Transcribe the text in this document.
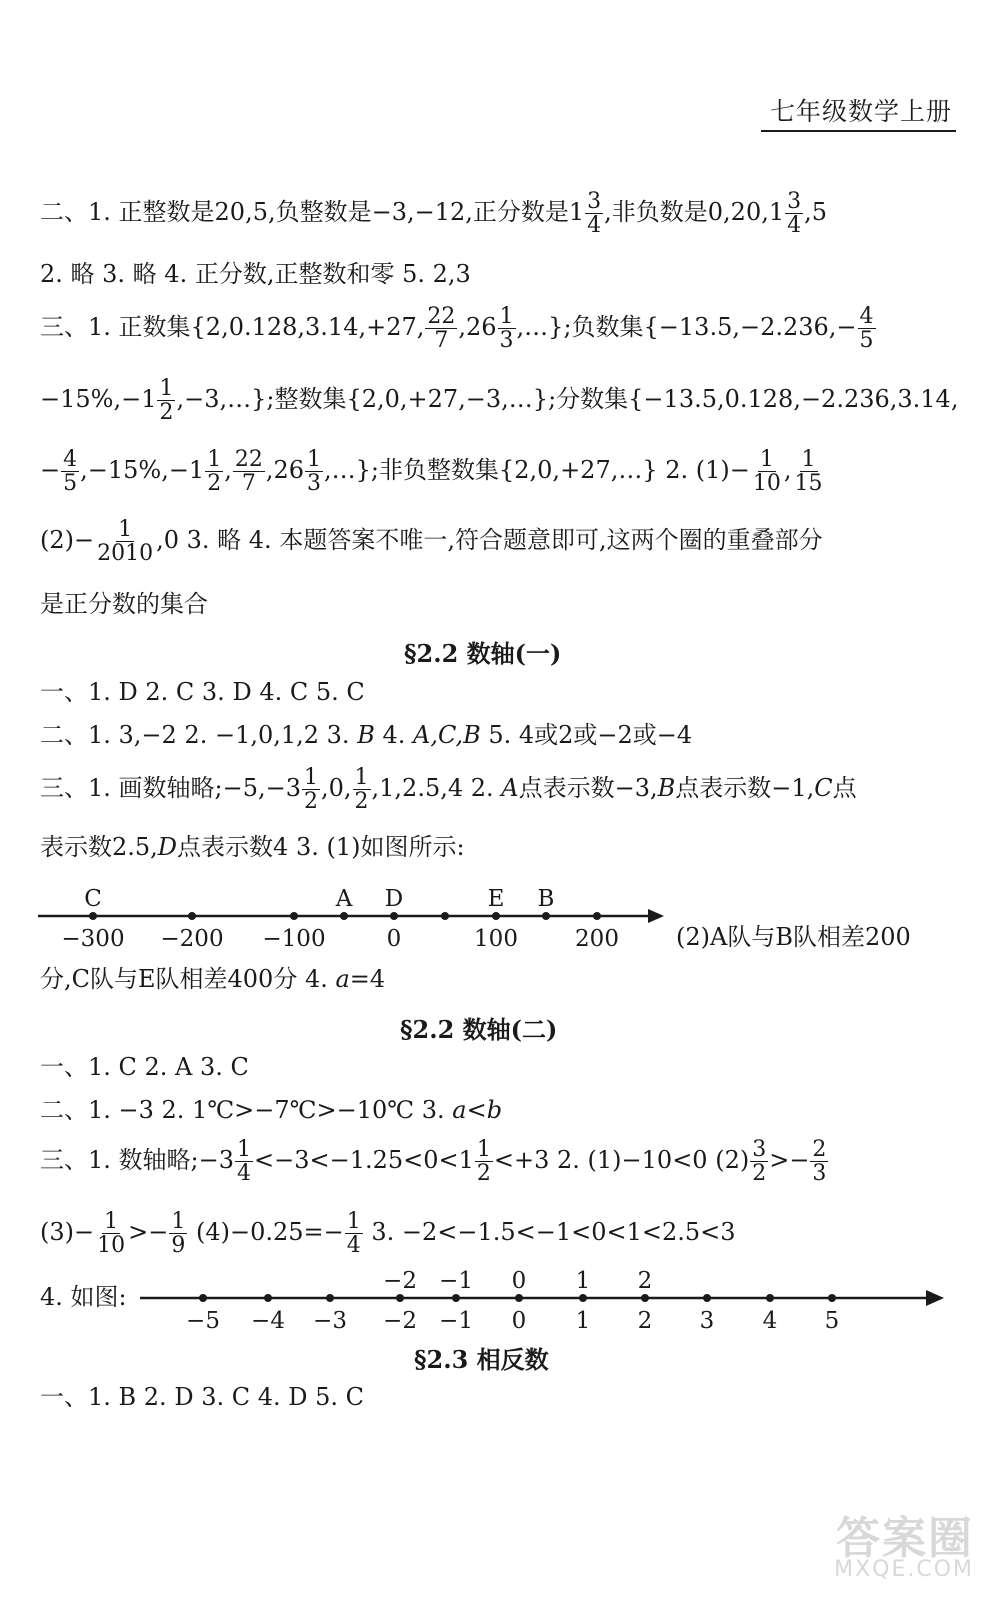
七年级数学上册
二、1. 正整数是20,5,负整数是−3,−12,正分数是$1 \frac{3}{4}$ ,非负数是$0,20,1 \frac{3}{4} ,5$
2. 略 3. 略 4. 正分数,正整数和零 5. 2,3
三、1. 正数集{2,0.128,3.14,+27, $\frac{22}{7} ,26 \frac{1}{3}$ ,…};负数集{$-13.5,-2.236,- \frac{4}{5}$
$-15\%,-1 \frac{1}{2}$ ,−3,…};整数集{2,0,+27,−3,…};分数集{−13.5,0.128,−2.236,3.14,
− $\frac{4}{5} ,-15\%,-1 \frac{1}{2}$ , $\frac{22}{7} ,26 \frac{1}{3}$ ,…};非负整数集{2,0,+27,…} 2. $(1)- \frac{1}{10}$ , $\frac{1}{15}$
$(2)- \frac{1}{2010} ,0$ 3. 略 4. 本题答案不唯一,符合题意即可,这两个圈的重叠部分
是正分数的集合
§2.2 数轴(一)
一、1. D 2. C 3. D 4. C 5. C
二、1. 3,−2 2. −1,0,1,2 3. B 4. A,C,B 5. 4或2或−2或−4
三、1. 画数轴略;−5,−3 $\frac{1}{2} ,0$, $\frac{1}{2} ,1,2.5,4$ 2. A点表示数−3,B点表示数−1,C点
表示数2.5,D点表示数4 3. (1)如图所示:
C	A	D	E	B
−300	−200	−100	0	100	200	(2)A队与B队相差200
分,C队与E队相差400分 4. a=4
§2.2 数轴(二)
一、1. C 2. A 3. C
二、1. −3 2. 1℃>−7℃>−10℃ 3. a<b
三、1. 数轴略;−3 $\frac{1}{4} <-3<-1.25<0<1 \frac{1}{2} <+3$ 2. (1)−10<0 $(2) \frac{3}{2} >- \frac{2}{3}$
$(3)- \frac{1}{10} >- \frac{1}{9} (4)-0.25=- \frac{1}{4} 3$. −2<−1.5<−1<0<1<2.5<3
4. 如图:
−2 −1	0	1	2
−5	−4	−3	−2 −1	0	1	2	3	4	5
§2.3 相反数
一、1. B 2. D 3. C 4. D 5. C
答案圈
MXQE.COM
